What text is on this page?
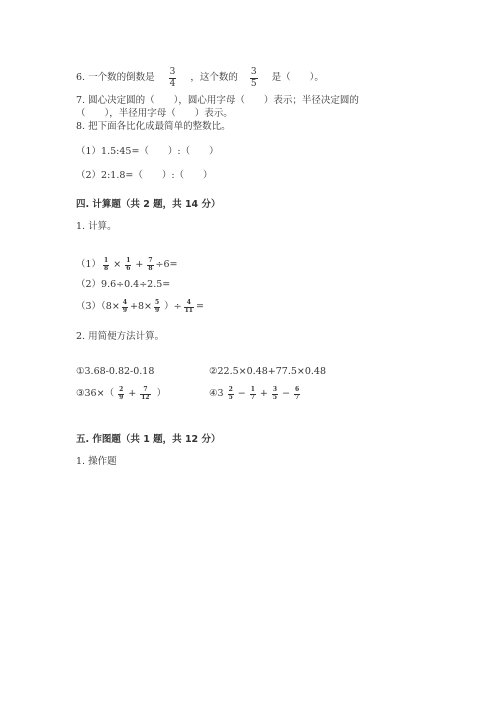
6. 一个数的倒数是 $\frac{3}{4}$ ，这个数的 $\frac{3}{5}$ 是（　　）。
7. 圆心决定圆的（　　），圆心用字母（　　）表示；半径决定圆的
（　　），半径用字母（　　）表示。
8. 把下面各比化成最简单的整数比。
（1）1.5:45=（　　）:（　　）
（2）2:1.8=（　　）:（　　）
四. 计算题（共 2 题，共 14 分）
1. 计算。
$(1) \frac{1}{8} \times \frac{1}{6} + \frac{7}{8} \div 6=$
（2）9.6÷0.4÷2.5=
$(3)(8\times \frac{4}{9} +8\times \frac{5}{9}$ ）÷ $\frac{4}{11}$ =
2. 用简便方法计算。
①3.68-0.82-0.18	②22.5×0.48+77.5×0.48
③36×（ $\frac{2}{9} + \frac{7}{12}$ ）	④3 $\frac{2}{5} - \frac{1}{7} + \frac{3}{5} - \frac{6}{7}$
五. 作图题（共 1 题，共 12 分）
1. 操作题
